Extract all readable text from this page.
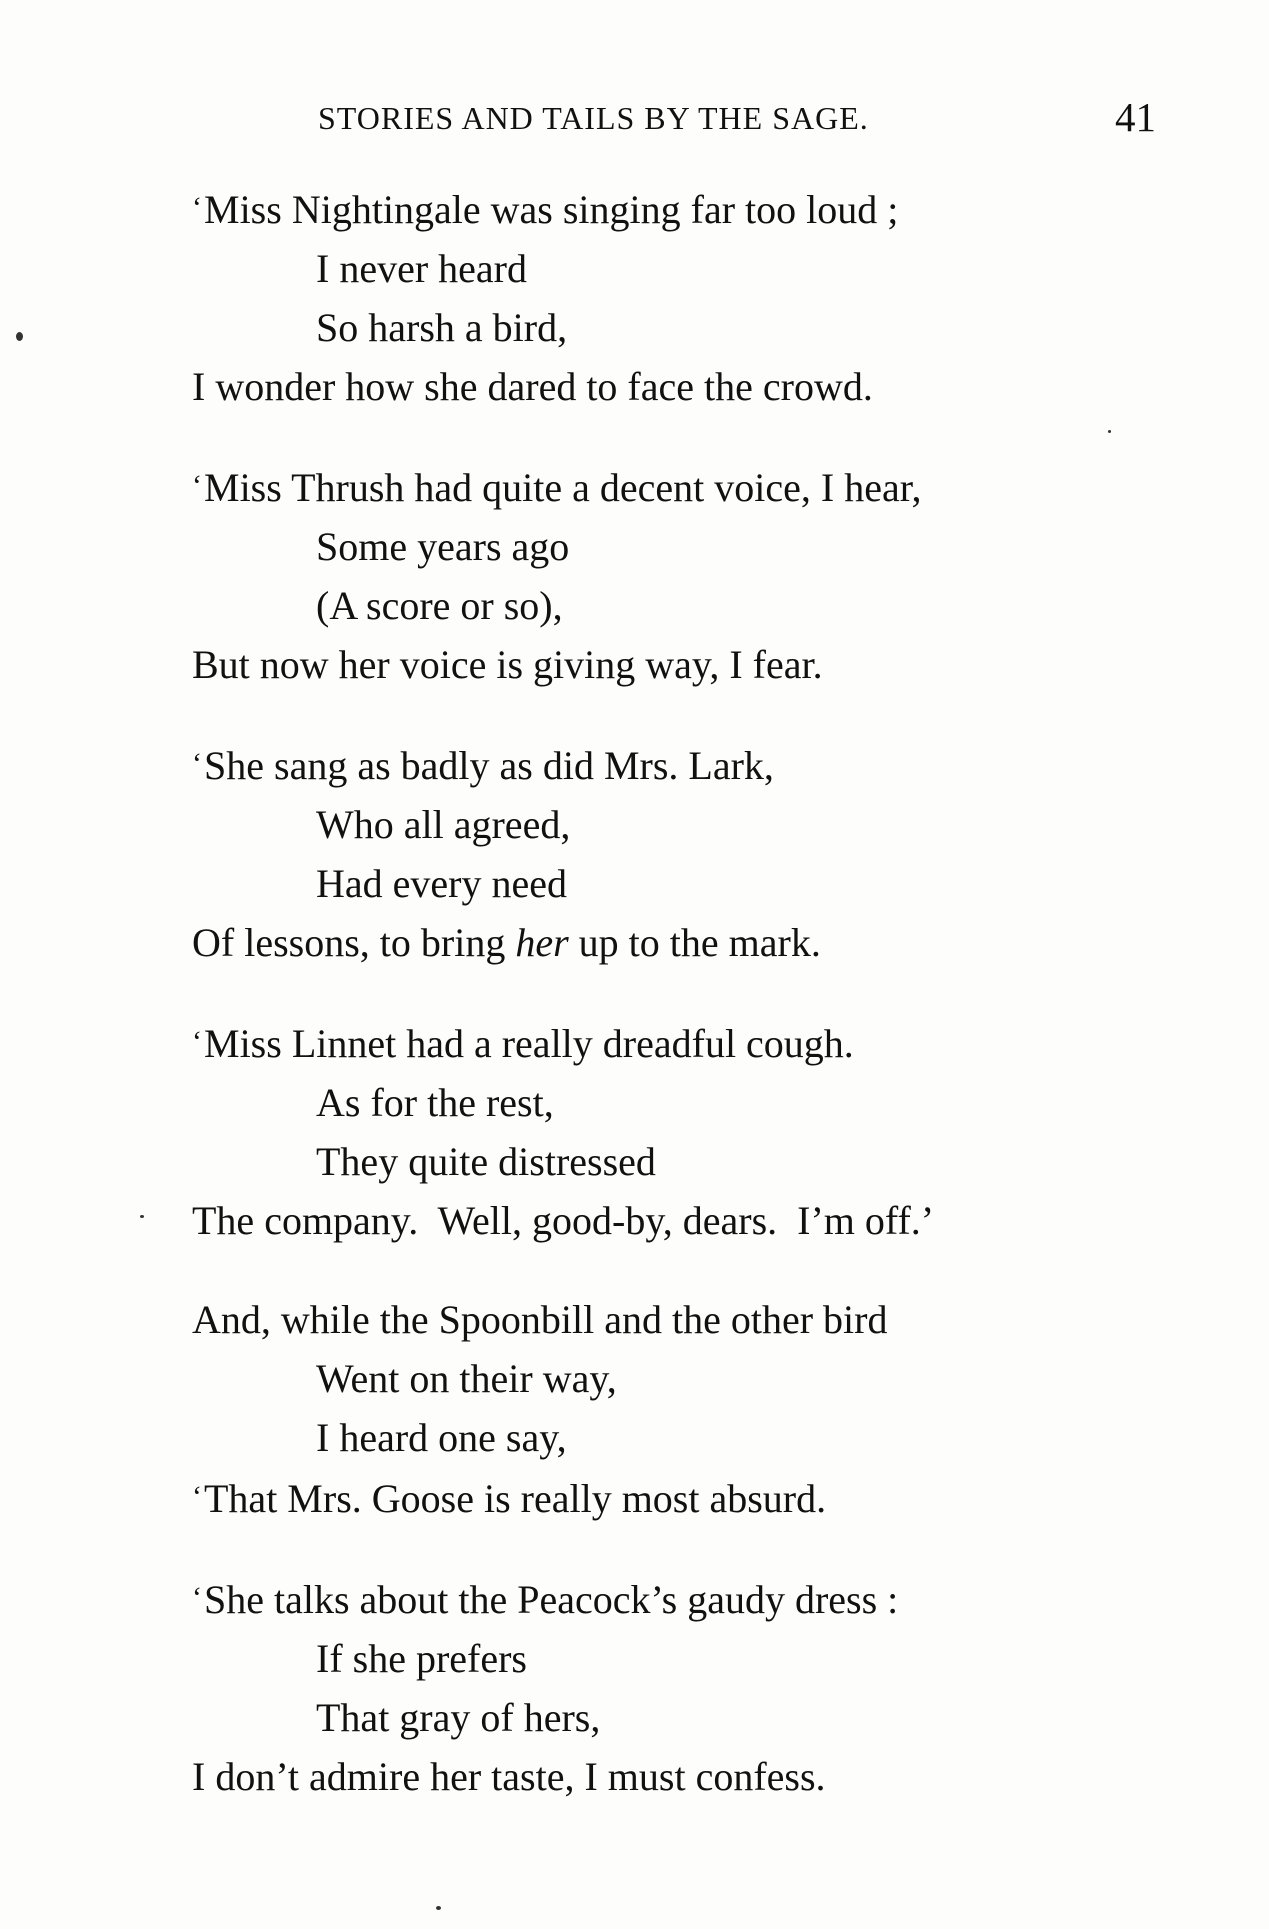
STORIES AND TAILS BY THE SAGE.	41
‘Miss Nightingale was singing far too loud ;
I never heard
So harsh a bird,
I wonder how she dared to face the crowd.
‘Miss Thrush had quite a decent voice, I hear,
Some years ago
(A score or so),
But now her voice is giving way, I fear.
‘She sang as badly as did Mrs. Lark,
Who all agreed,
Had every need
Of lessons, to bring her up to the mark.
‘Miss Linnet had a really dreadful cough.
As for the rest,
They quite distressed
The company.  Well, good-by, dears.  I’m off.’
And, while the Spoonbill and the other bird
Went on their way,
I heard one say,
‘That Mrs. Goose is really most absurd.
‘She talks about the Peacock’s gaudy dress :
If she prefers
That gray of hers,
I don’t admire her taste, I must confess.
